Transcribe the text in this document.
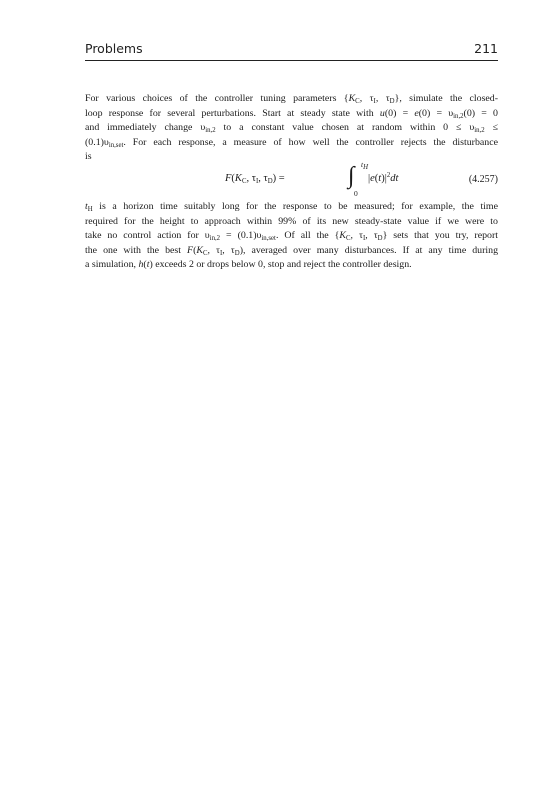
Problems	211
For various choices of the controller tuning parameters {$K_C$, $\tau_I$, $\tau_D$}, simulate the closed-
loop response for several perturbations. Start at steady state with $u(0) = e(0) = \upsilon_{in,2}(0) = 0$
and immediately change $\upsilon_{in,2}$ to a constant value chosen at random within $0 \le \upsilon_{in,2}$ ≤
$(0.1)\upsilon_{in,set}$. For each response, a measure of how well the controller rejects the disturbance
is
$F(K_C$, $\tau_I$, $\tau_D$) =	∫ $t_H$
0
$|e(t)|^2dt$	(4.257)
$t_H$ is a horizon time suitably long for the response to be measured; for example, the time
required for the height to approach within 99% of its new steady-state value if we were to
take no control action for $\upsilon_{in,2} = (0.1)\upsilon_{in,set}$. Of all the {$K_C$, $\tau_I$, $\tau_D$} sets that you try, report
the one with the best $F(K_C$, $\tau_I$, $\tau_D$), averaged over many disturbances. If at any time during
a simulation, h(t) exceeds 2 or drops below 0, stop and reject the controller design.
